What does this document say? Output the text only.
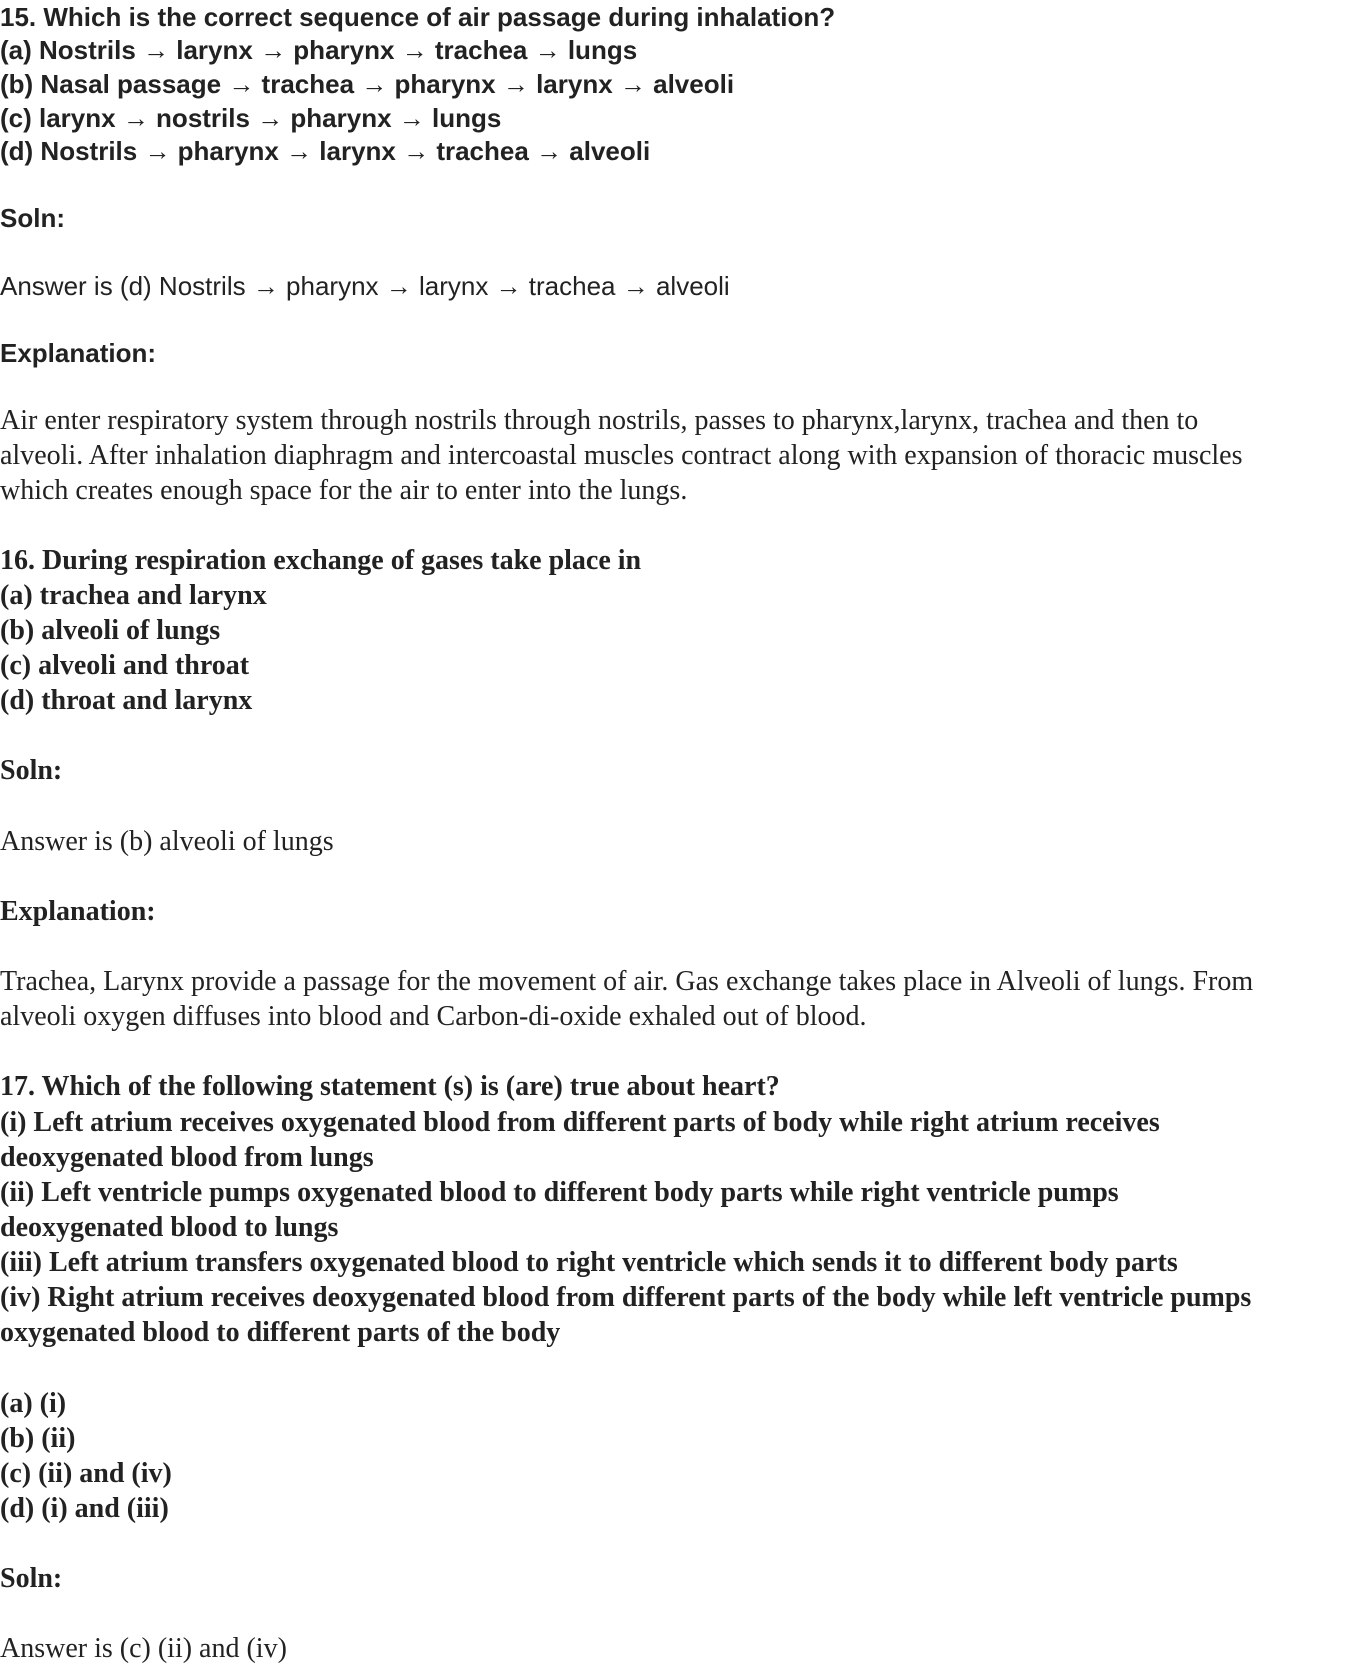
15. Which is the correct sequence of air passage during inhalation?
(a) Nostrils → larynx → pharynx → trachea → lungs
(b) Nasal passage → trachea → pharynx → larynx → alveoli
(c) larynx → nostrils → pharynx → lungs
(d) Nostrils → pharynx → larynx → trachea → alveoli
Soln:
Answer is (d) Nostrils → pharynx → larynx → trachea → alveoli
Explanation:
Air enter respiratory system through nostrils through nostrils, passes to pharynx,larynx, trachea and then to
alveoli. After inhalation diaphragm and intercoastal muscles contract along with expansion of thoracic muscles
which creates enough space for the air to enter into the lungs.
16. During respiration exchange of gases take place in
(a) trachea and larynx
(b) alveoli of lungs
(c) alveoli and throat
(d) throat and larynx
Soln:
Answer is (b) alveoli of lungs
Explanation:
Trachea, Larynx provide a passage for the movement of air. Gas exchange takes place in Alveoli of lungs. From
alveoli oxygen diffuses into blood and Carbon-di-oxide exhaled out of blood.
17. Which of the following statement (s) is (are) true about heart?
(i) Left atrium receives oxygenated blood from different parts of body while right atrium receives
deoxygenated blood from lungs
(ii) Left ventricle pumps oxygenated blood to different body parts while right ventricle pumps
deoxygenated blood to lungs
(iii) Left atrium transfers oxygenated blood to right ventricle which sends it to different body parts
(iv) Right atrium receives deoxygenated blood from different parts of the body while left ventricle pumps
oxygenated blood to different parts of the body
(a) (i)
(b) (ii)
(c) (ii) and (iv)
(d) (i) and (iii)
Soln:
Answer is (c) (ii) and (iv)
